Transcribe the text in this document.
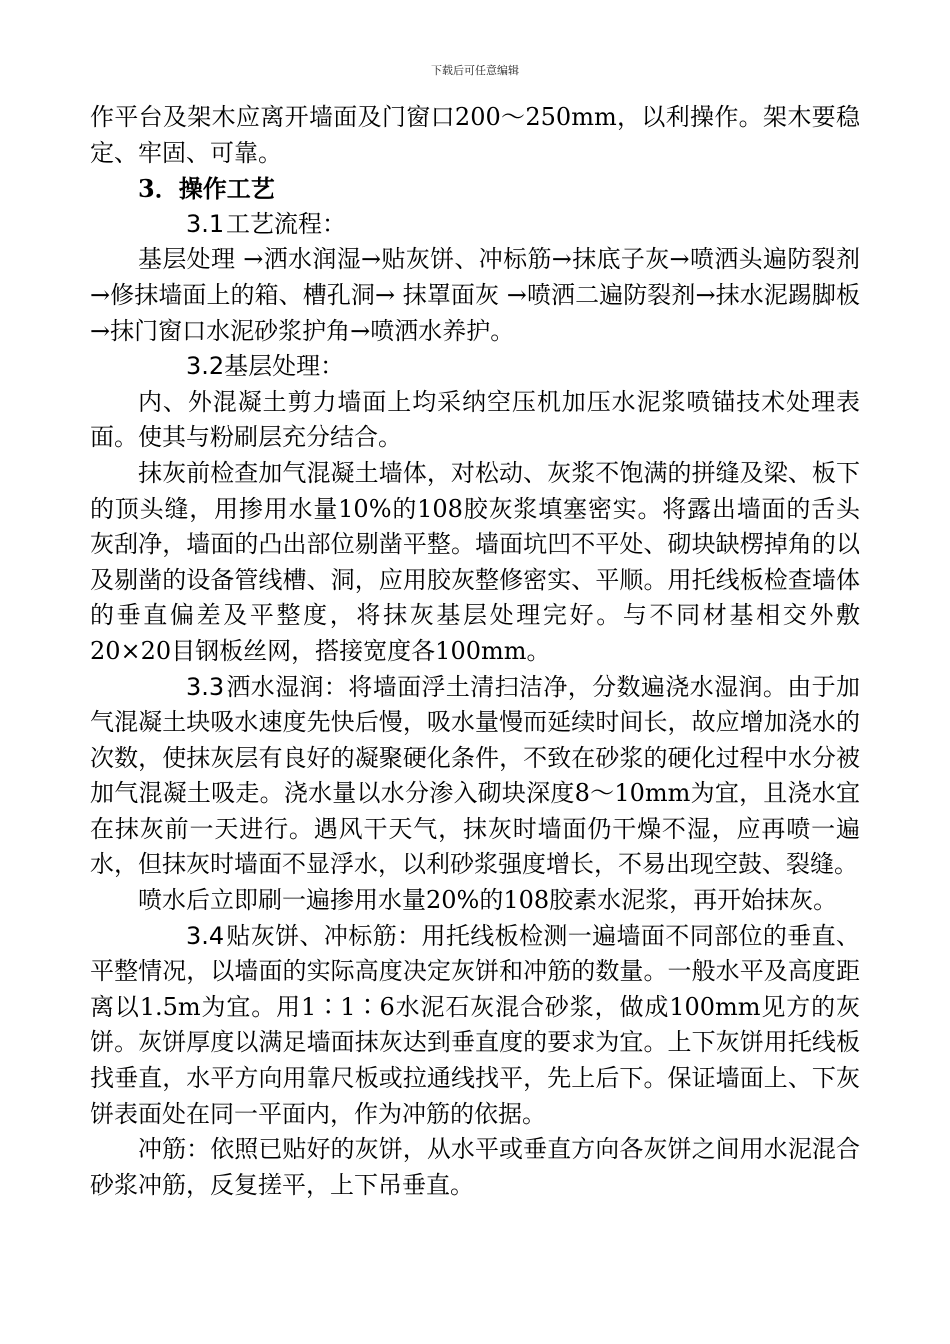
下载后可任意编辑

作平台及架木应离开墙面及门窗口200～250mm，以利操作。架木要稳定、牢固、可靠。

3．操作工艺

3.1工艺流程：

基层处理 →洒水润湿→贴灰饼、冲标筋→抹底子灰→喷洒头遍防裂剂 →修抹墙面上的箱、槽孔洞→ 抹罩面灰 →喷洒二遍防裂剂→抹水泥踢脚板→抹门窗口水泥砂浆护角→喷洒水养护。

3.2基层处理：

内、外混凝土剪力墙面上均采纳空压机加压水泥浆喷锚技术处理表面。使其与粉刷层充分结合。

抹灰前检查加气混凝土墙体，对松动、灰浆不饱满的拼缝及梁、板下的顶头缝，用掺用水量10%的108胶灰浆填塞密实。将露出墙面的舌头灰刮净，墙面的凸出部位剔凿平整。墙面坑凹不平处、砌块缺楞掉角的以及剔凿的设备管线槽、洞，应用胶灰整修密实、平顺。用托线板检查墙体的垂直偏差及平整度，将抹灰基层处理完好。与不同材基相交外敷20×20目钢板丝网，搭接宽度各100mm。

3.3洒水湿润：将墙面浮土清扫洁净，分数遍浇水湿润。由于加气混凝土块吸水速度先快后慢，吸水量慢而延续时间长，故应增加浇水的次数，使抹灰层有良好的凝聚硬化条件，不致在砂浆的硬化过程中水分被加气混凝土吸走。浇水量以水分渗入砌块深度8～10mm为宜，且浇水宜在抹灰前一天进行。遇风干天气，抹灰时墙面仍干燥不湿，应再喷一遍水，但抹灰时墙面不显浮水，以利砂浆强度增长，不易出现空鼓、裂缝。

喷水后立即刷一遍掺用水量20%的108胶素水泥浆，再开始抹灰。

3.4贴灰饼、冲标筋：用托线板检测一遍墙面不同部位的垂直、平整情况，以墙面的实际高度决定灰饼和冲筋的数量。一般水平及高度距离以1.5m为宜。用1∶1∶6水泥石灰混合砂浆，做成100mm见方的灰饼。灰饼厚度以满足墙面抹灰达到垂直度的要求为宜。上下灰饼用托线板找垂直，水平方向用靠尺板或拉通线找平，先上后下。保证墙面上、下灰饼表面处在同一平面内，作为冲筋的依据。

冲筋：依照已贴好的灰饼，从水平或垂直方向各灰饼之间用水泥混合砂浆冲筋，反复搓平，上下吊垂直。
